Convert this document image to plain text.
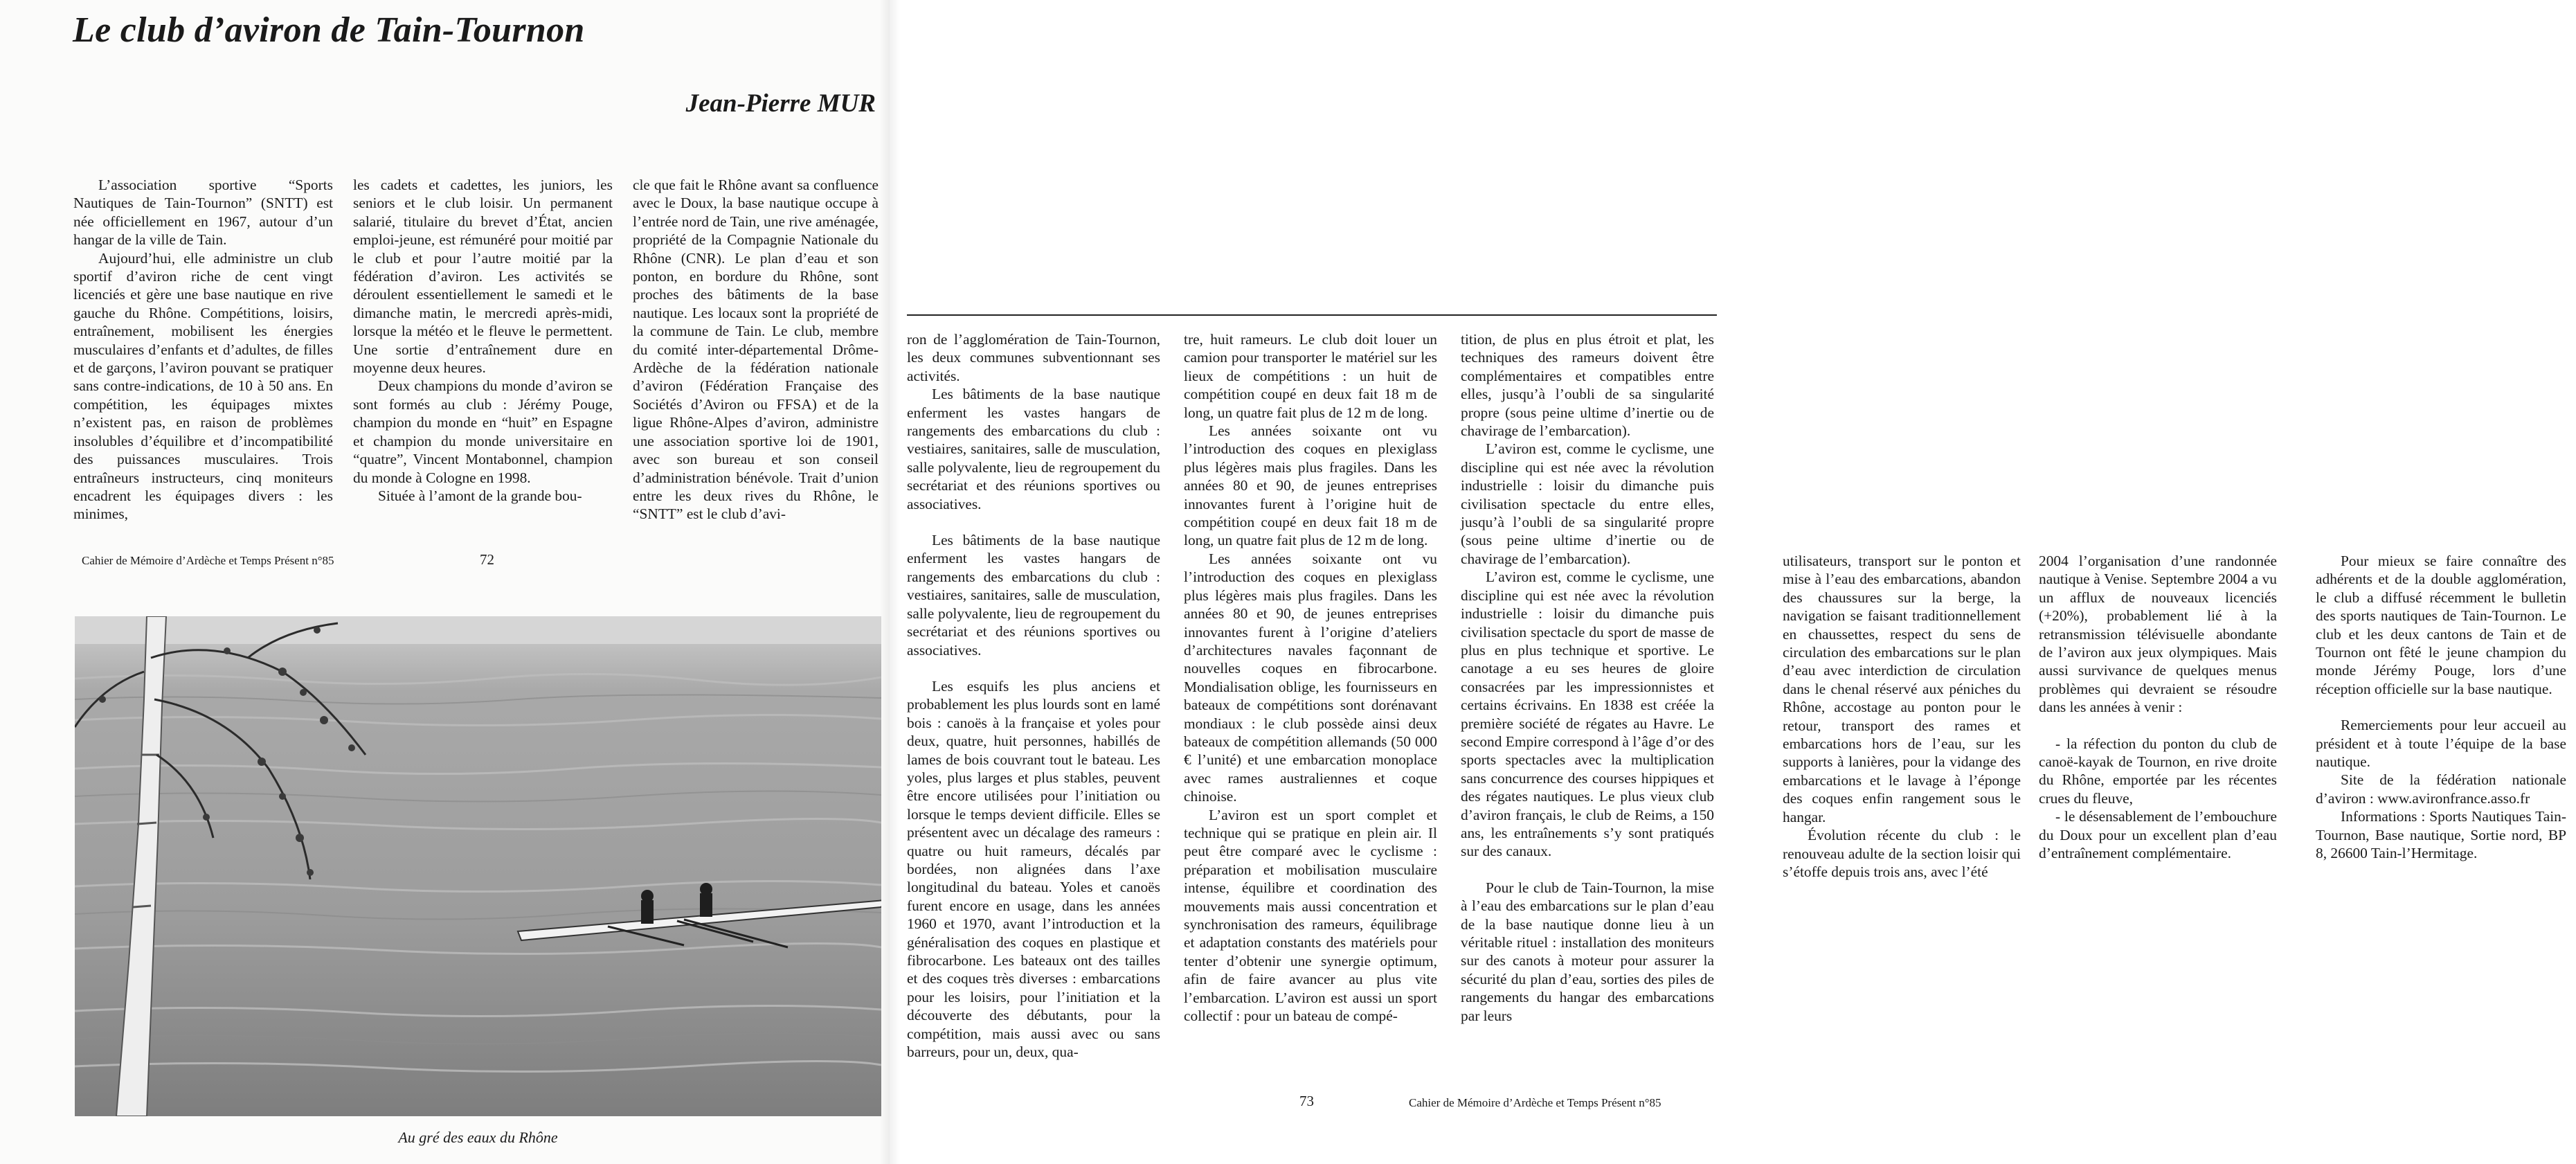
Le club d’aviron de Tain-Tournon
Jean-Pierre MUR

L’association sportive “Sports Nautiques de Tain-Tournon” (SNTT) est née officiellement en 1967, autour d’un hangar de la ville de Tain.

Aujourd’hui, elle administre un club sportif d’aviron riche de cent vingt licenciés et gère une base nautique en rive gauche du Rhône. Compétitions, loisirs, entraînement, mobilisent les énergies musculaires d’enfants et d’adultes, de filles et de garçons, l’aviron pouvant se pratiquer sans contre-indications, de 10 à 50 ans. En compétition, les équipages mixtes n’existent pas, en raison de problèmes insolubles d’équilibre et d’incompatibilité des puissances musculaires. Trois entraîneurs instructeurs, cinq moniteurs encadrent les équipages divers : les minimes,

les cadets et cadettes, les juniors, les seniors et le club loisir. Un permanent salarié, titulaire du brevet d’État, ancien emploi-jeune, est rémunéré pour moitié par le club et pour l’autre moitié par la fédération d’aviron. Les activités se déroulent essentiellement le samedi et le dimanche matin, le mercredi après-midi, lorsque la météo et le fleuve le permettent. Une sortie d’entraînement dure en moyenne deux heures.

Deux champions du monde d’aviron se sont formés au club : Jérémy Pouge, champion du monde en “huit” en Espagne et champion du monde universitaire en “quatre”, Vincent Montabonnel, champion du monde à Cologne en 1998.

Situéе à l’amont de la grande bou-

cle que fait le Rhône avant sa confluence avec le Doux, la base nautique occupe à l’entrée nord de Tain, une rive aménagée, propriété de la Compagnie Nationale du Rhône (CNR). Le plan d’eau et son ponton, en bordure du Rhône, sont proches des bâtiments de la base nautique. Les locaux sont la propriété de la commune de Tain. Le club, membre du comité inter-départemental Drôme-Ardèche de la fédération nationale d’aviron (Fédération Française des Sociétés d’Aviron ou FFSA) et de la ligue Rhône-Alpes d’aviron, administre une association sportive loi de 1901, avec son bureau et son conseil d’administration bénévole. Trait d’union entre les deux rives du Rhône, le “SNTT” est le club d’avi-

Cahier de Mémoire d’Ardèche et Temps Présent n°85	72
Au gré des eaux du Rhône

ron de l’agglomération de Tain-Tournon, les deux communes subventionnant ses activités.

Les bâtiments de la base nautique enferment les vastes hangars de rangements des embarcations du club : vestiaires, sanitaires, salle de musculation, salle polyvalente, lieu de regroupement du secrétariat et des réunions sportives ou associatives.

Les bâtiments de la base nautique enferment les vastes hangars de rangements des embarcations du club : vestiaires, sanitaires, salle de musculation, salle polyvalente, lieu de regroupement du secrétariat et des réunions sportives ou associatives.

Les esquifs les plus anciens et probablement les plus lourds sont en lamé bois : canoës à la française et yoles pour deux, quatre, huit personnes, habillés de lames de bois couvrant tout le bateau. Les yoles, plus larges et plus stables, peuvent être encore utilisées pour l’initiation ou lorsque le temps devient difficile. Elles se présentent avec un décalage des rameurs : quatre ou huit rameurs, décalés par bordées, non alignées dans l’axe longitudinal du bateau. Yoles et canoës furent encore en usage, dans les années 1960 et 1970, avant l’introduction et la généralisation des coques en plastique et fibrocarbone. Les bateaux ont des tailles et des coques très diverses : embarcations pour les loisirs, pour l’initiation et la découverte des débutants, pour la compétition, mais aussi avec ou sans barreurs, pour un, deux, qua-

tre, huit rameurs. Le club doit louer un camion pour transporter le matériel sur les lieux de compétitions : un huit de compétition coupé en deux fait 18 m de long, un quatre fait plus de 12 m de long.

Les années soixante ont vu l’introduction des coques en plexiglass plus légères mais plus fragiles. Dans les années 80 et 90, de jeunes entreprises innovantes furent à l’origine huit de compétition coupé en deux fait 18 m de long, un quatre fait plus de 12 m de long.

Les années soixante ont vu l’introduction des coques en plexiglass plus légères mais plus fragiles. Dans les années 80 et 90, de jeunes entreprises innovantes furent à l’origine d’ateliers d’architectures navales façonnant de nouvelles coques en fibrocarbone. Mondialisation oblige, les fournisseurs en bateaux de compétitions sont dorénavant mondiaux : le club possède ainsi deux bateaux de compétition allemands (50 000 € l’unité) et une embarcation monoplace avec rames australiennes et coque chinoise.

L’aviron est un sport complet et technique qui se pratique en plein air. Il peut être comparé avec le cyclisme : préparation et mobilisation musculaire intense, équilibre et coordination des mouvements mais aussi concentration et synchronisation des rameurs, équilibrage et adaptation constants des matériels pour tenter d’obtenir une synergie optimum, afin de faire avancer au plus vite l’embarcation. L’aviron est aussi un sport collectif : pour un bateau de compé-

tition, de plus en plus étroit et plat, les techniques des rameurs doivent être complémentaires et compatibles entre elles, jusqu’à l’oubli de sa singularité propre (sous peine ultime d’inertie ou de chavirage de l’embarcation).

L’aviron est, comme le cyclisme, une discipline qui est née avec la révolution industrielle : loisir du dimanche puis civilisation spectacle du entre elles, jusqu’à l’oubli de sa singularité propre (sous peine ultime d’inertie ou de chavirage de l’embarcation).

L’aviron est, comme le cyclisme, une discipline qui est née avec la révolution industrielle : loisir du dimanche puis civilisation spectacle du sport de masse de plus en plus technique et sportive. Le canotage a eu ses heures de gloire consacrées par les impressionnistes et certains écrivains. En 1838 est créée la première société de régates au Havre. Le second Empire correspond à l’âge d’or des sports spectacles avec la multiplication sans concurrence des courses hippiques et des régates nautiques. Le plus vieux club d’aviron français, le club de Reims, a 150 ans, les entraînements s’y sont pratiqués sur des canaux.

Pour le club de Tain-Tournon, la mise à l’eau des embarcations sur le plan d’eau de la base nautique donne lieu à un véritable rituel : installation des moniteurs sur des canots à moteur pour assurer la sécurité du plan d’eau, sorties des piles de rangements du hangar des embarcations par leurs

utilisateurs, transport sur le ponton et mise à l’eau des embarcations, abandon des chaussures sur la berge, la navigation se faisant traditionnellement en chaussettes, respect du sens de circulation des embarcations sur le plan d’eau avec interdiction de circulation dans le chenal réservé aux péniches du Rhône, accostage au ponton pour le retour, transport des rames et embarcations hors de l’eau, sur les supports à lanières, pour la vidange des embarcations et le lavage à l’éponge des coques enfin rangement sous le hangar.

Évolution récente du club : le renouveau adulte de la section loisir qui s’étoffe depuis trois ans, avec l’été

2004 l’organisation d’une randonnée nautique à Venise. Septembre 2004 a vu un afflux de nouveaux licenciés (+20%), probablement lié à la retransmission télévisuelle abondante de l’aviron aux jeux olympiques. Mais aussi survivance de quelques menus problèmes qui devraient se résoudre dans les années à venir :

- la réfection du ponton du club de canoë-kayak de Tournon, en rive droite du Rhône, emportée par les récentes crues du fleuve,
- le désensablement de l’embouchure du Doux pour un excellent plan d’eau d’entraînement complémentaire.

Pour mieux se faire connaître des adhérents et de la double agglomération, le club a diffusé récemment le bulletin des sports nautiques de Tain-Tournon. Le club et les deux cantons de Tain et de Tournon ont fêté le jeune champion du monde Jérémy Pouge, lors d’une réception officielle sur la base nautique.

Remerciements pour leur accueil au président et à toute l’équipe de la base nautique.

Site de la fédération nationale d’aviron : www.avironfrance.asso.fr

Informations : Sports Nautiques Tain-Tournon, Base nautique, Sortie nord, BP 8, 26600 Tain-l’Hermitage.

73	Cahier de Mémoire d’Ardèche et Temps Présent n°85
